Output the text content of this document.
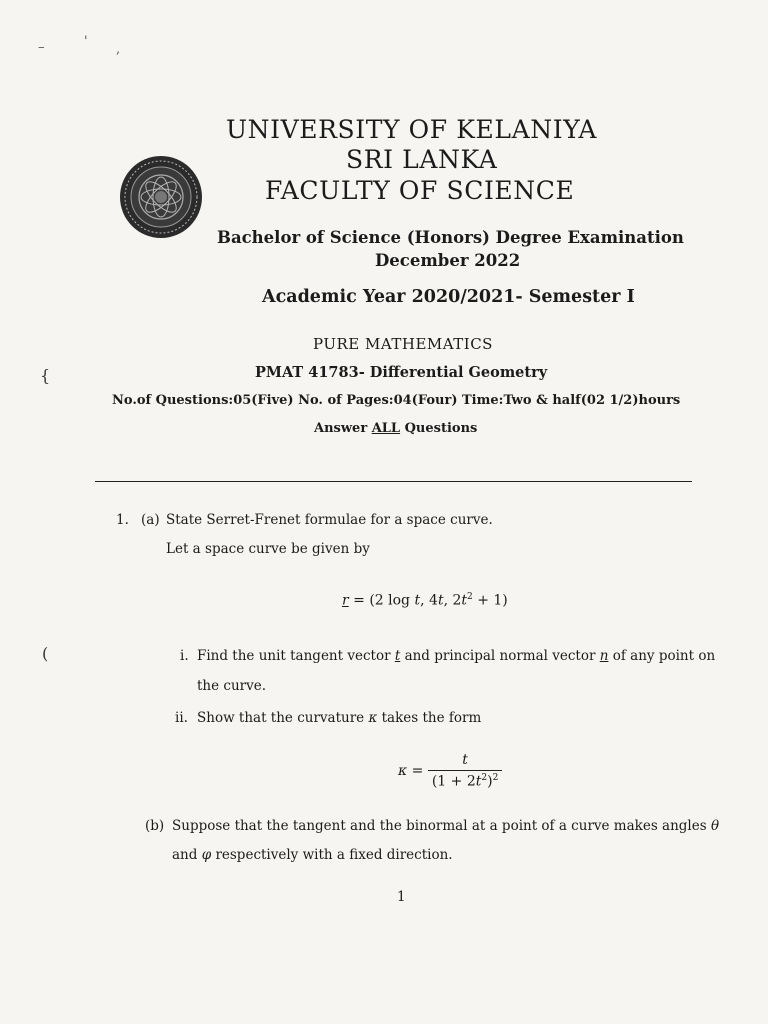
–	'
,
{
(
UNIVERSITY OF KELANIYA
SRI LANKA
FACULTY OF SCIENCE
Bachelor of Science (Honors) Degree Examination
December 2022
Academic Year 2020/2021- Semester I
PURE MATHEMATICS
PMAT 41783- Differential Geometry
No.of Questions:05(Five) No. of Pages:04(Four) Time:Two & half(02 1/2)hours
Answer ALL Questions
1. (a) State Serret-Frenet formulae for a space curve.
Let a space curve be given by
r = (2 log t, 4t, $2t^2 + 1$)
i. Find the unit tangent vector t and principal normal vector n of any point on
the curve.
ii. Show that the curvature κ takes the form
$\kappa = \frac{t}{(1 + 2t^2)^2}$
(b) Suppose that the tangent and the binormal at a point of a curve makes angles θ
and φ respectively with a fixed direction.
1
